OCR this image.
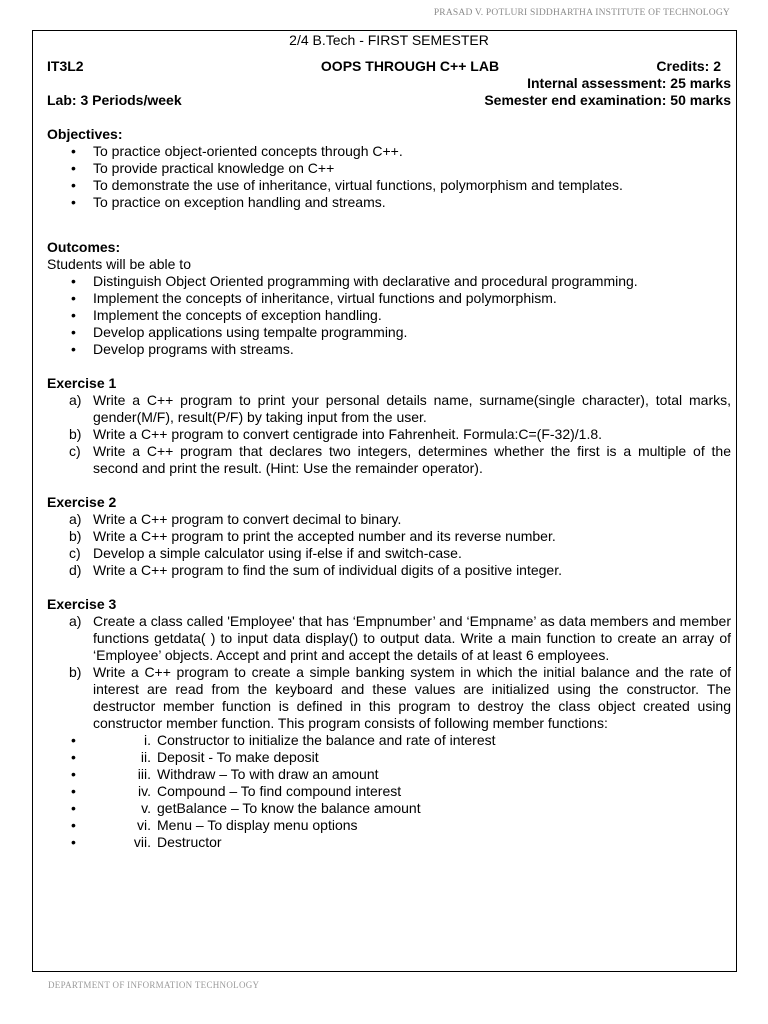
PRASAD V. POTLURI SIDDHARTHA INSTITUTE OF TECHNOLOGY
2/4 B.Tech - FIRST SEMESTER
IT3L2	OOPS THROUGH C++ LAB	Credits: 2
Internal assessment: 25 marks
Lab: 3 Periods/week	Semester end examination: 50 marks
Objectives:
• To practice object-oriented concepts through C++.
• To provide practical knowledge on C++
• To demonstrate the use of inheritance, virtual functions, polymorphism and templates.
• To practice on exception handling and streams.
Outcomes:
Students will be able to
• Distinguish Object Oriented programming with declarative and procedural programming.
• Implement the concepts of inheritance, virtual functions and polymorphism.
• Implement the concepts of exception handling.
• Develop applications using tempalte programming.
• Develop programs with streams.
Exercise 1
a) Write a C++ program to print your personal details name, surname(single character), total marks, gender(M/F), result(P/F) by taking input from the user.
b) Write a C++ program to convert centigrade into Fahrenheit. Formula:C=(F-32)/1.8.
c) Write a C++ program that declares two integers, determines whether the first is a multiple of the second and print the result. (Hint: Use the remainder operator).
Exercise 2
a) Write a C++ program to convert decimal to binary.
b) Write a C++ program to print the accepted number and its reverse number.
c) Develop a simple calculator using if-else if and switch-case.
d) Write a C++ program to find the sum of individual digits of a positive integer.
Exercise 3
a) Create a class called 'Employee' that has ‘Empnumber’ and ‘Empname’ as data members and member functions getdata( ) to input data display() to output data. Write a main function to create an array of ‘Employee’ objects. Accept and print and accept the details of at least 6 employees.
b) Write a C++ program to create a simple banking system in which the initial balance and the rate of interest are read from the keyboard and these values are initialized using the constructor. The destructor member function is defined in this program to destroy the class object created using constructor member function. This program consists of following member functions:
• i. Constructor to initialize the balance and rate of interest
• ii. Deposit - To make deposit
• iii. Withdraw – To with draw an amount
• iv. Compound – To find compound interest
• v. getBalance – To know the balance amount
• vi. Menu – To display menu options
• vii. Destructor
DEPARTMENT OF INFORMATION TECHNOLOGY
